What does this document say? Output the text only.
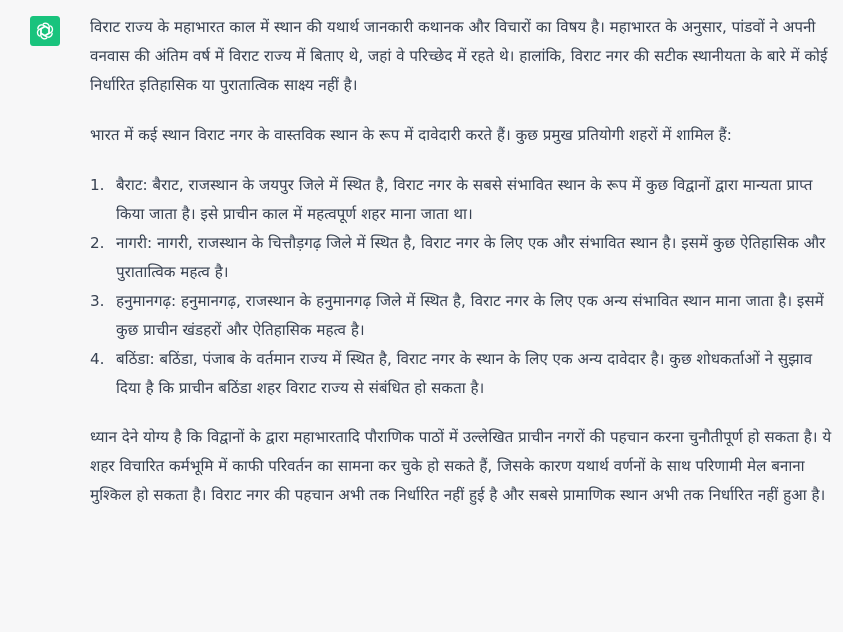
विराट राज्य के महाभारत काल में स्थान की यथार्थ जानकारी कथानक और विचारों का विषय है। महाभारत के अनुसार, पांडवों ने अपनी वनवास की अंतिम वर्ष में विराट राज्य में बिताए थे, जहां वे परिच्छेद में रहते थे। हालांकि, विराट नगर की सटीक स्थानीयता के बारे में कोई निर्धारित इतिहासिक या पुरातात्विक साक्ष्य नहीं है।

भारत में कई स्थान विराट नगर के वास्तविक स्थान के रूप में दावेदारी करते हैं। कुछ प्रमुख प्रतियोगी शहरों में शामिल हैं:

1. बैराट: बैराट, राजस्थान के जयपुर जिले में स्थित है, विराट नगर के सबसे संभावित स्थान के रूप में कुछ विद्वानों द्वारा मान्यता प्राप्त किया जाता है। इसे प्राचीन काल में महत्वपूर्ण शहर माना जाता था।
2. नागरी: नागरी, राजस्थान के चित्तौड़गढ़ जिले में स्थित है, विराट नगर के लिए एक और संभावित स्थान है। इसमें कुछ ऐतिहासिक और पुरातात्विक महत्व है।
3. हनुमानगढ़: हनुमानगढ़, राजस्थान के हनुमानगढ़ जिले में स्थित है, विराट नगर के लिए एक अन्य संभावित स्थान माना जाता है। इसमें कुछ प्राचीन खंडहरों और ऐतिहासिक महत्व है।
4. बठिंडा: बठिंडा, पंजाब के वर्तमान राज्य में स्थित है, विराट नगर के स्थान के लिए एक अन्य दावेदार है। कुछ शोधकर्ताओं ने सुझाव दिया है कि प्राचीन बठिंडा शहर विराट राज्य से संबंधित हो सकता है।

ध्यान देने योग्य है कि विद्वानों के द्वारा महाभारतादि पौराणिक पाठों में उल्लेखित प्राचीन नगरों की पहचान करना चुनौतीपूर्ण हो सकता है। ये शहर विचारित कर्मभूमि में काफी परिवर्तन का सामना कर चुके हो सकते हैं, जिसके कारण यथार्थ वर्णनों के साथ परिणामी मेल बनाना मुश्किल हो सकता है। विराट नगर की पहचान अभी तक निर्धारित नहीं हुई है और सबसे प्रामाणिक स्थान अभी तक निर्धारित नहीं हुआ है।
